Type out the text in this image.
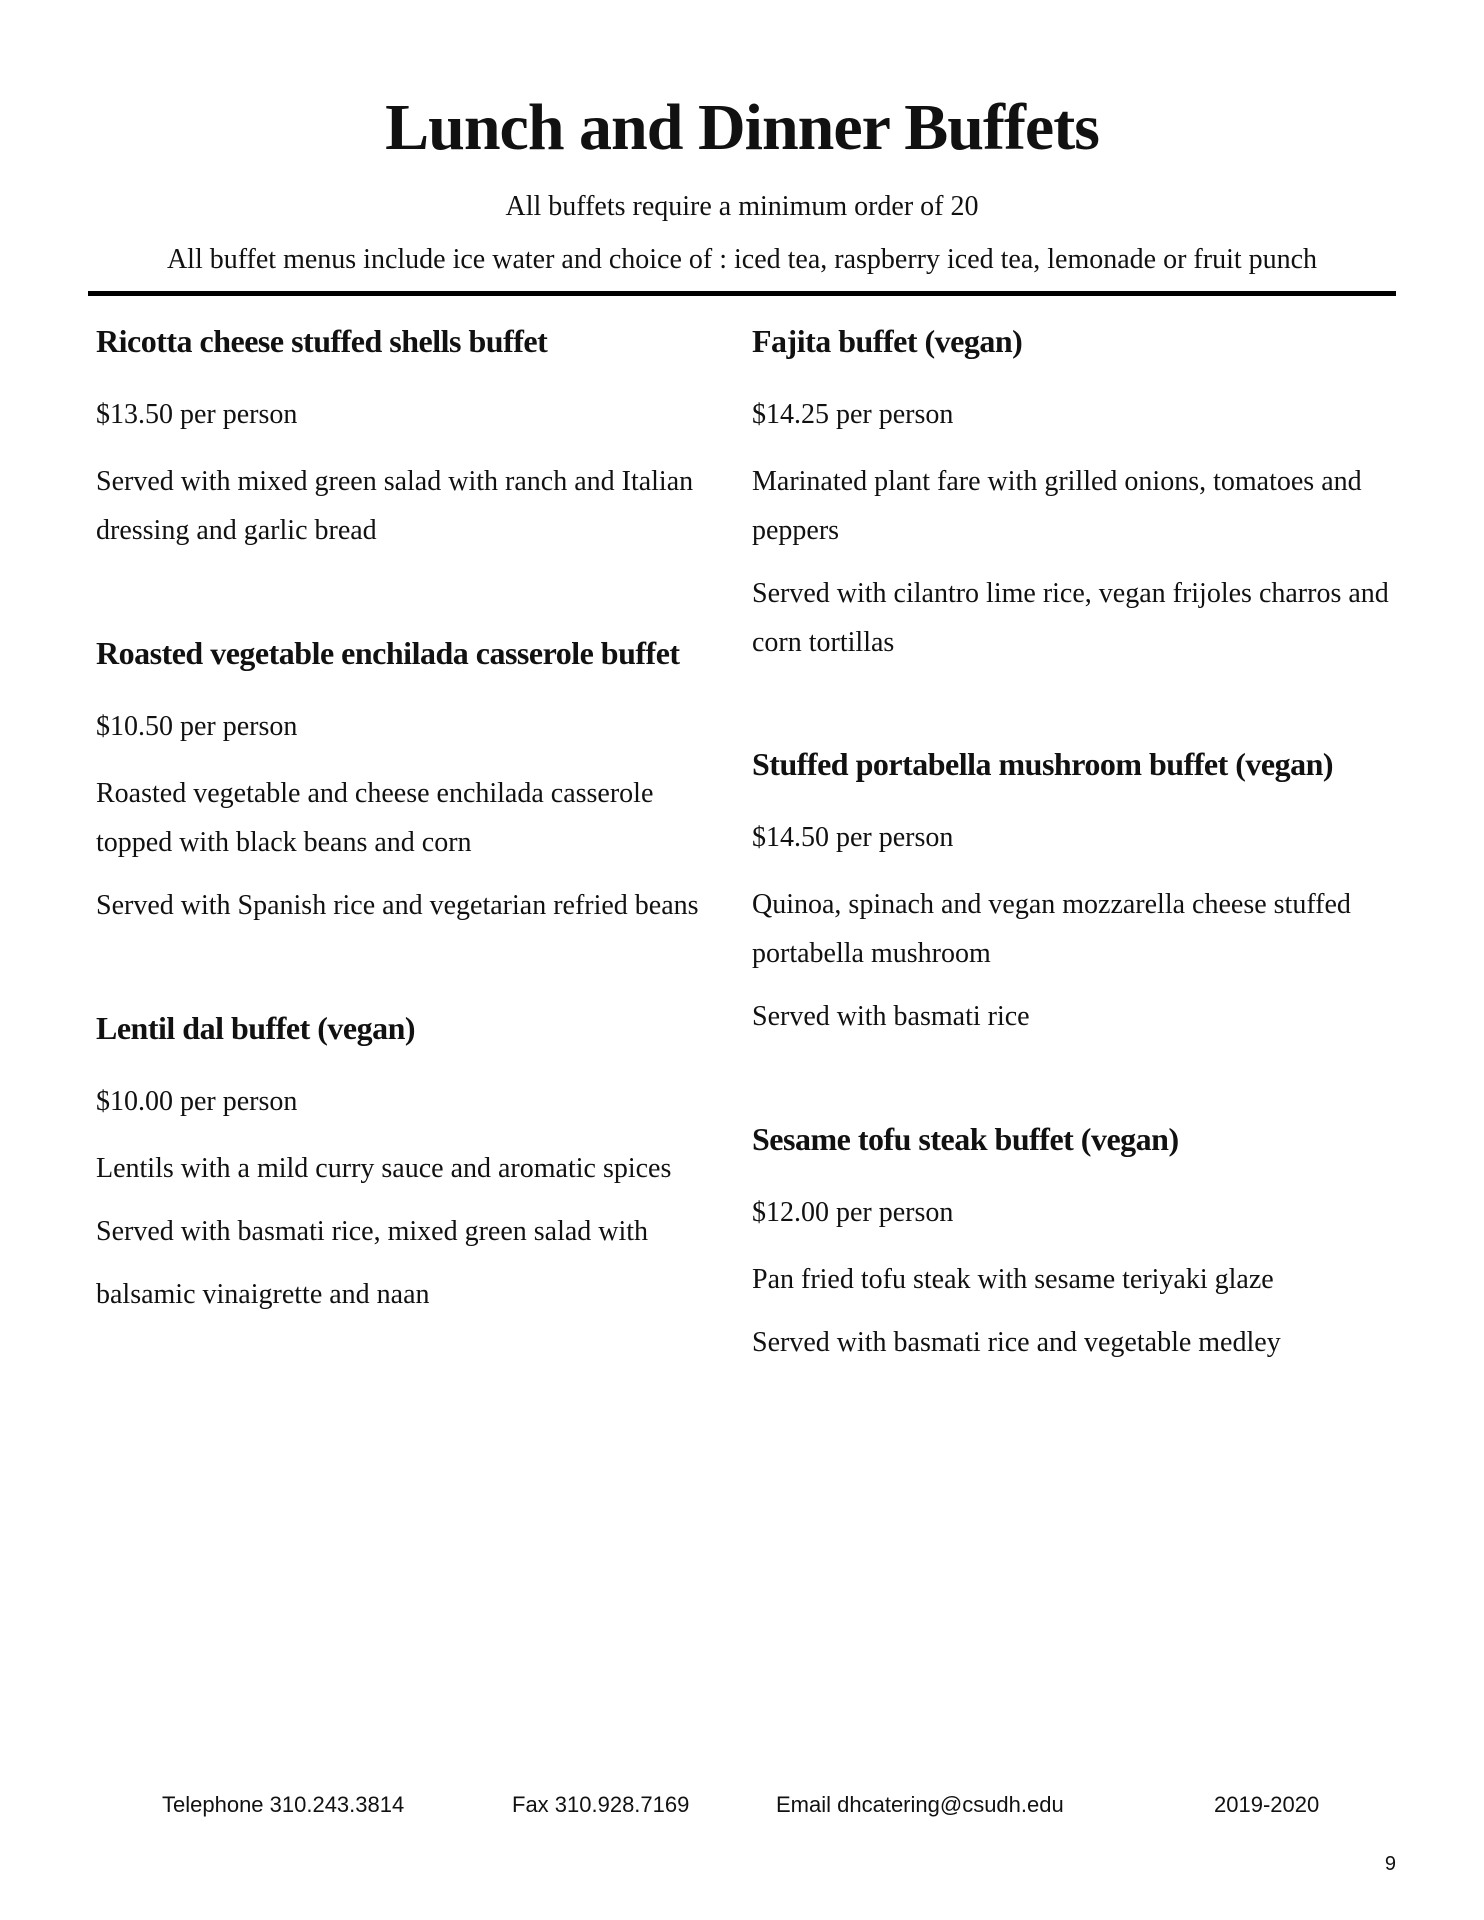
Lunch and Dinner Buffets

All buffets require a minimum order of 20

All buffet menus include ice water and choice of : iced tea, raspberry iced tea, lemonade or fruit punch

Ricotta cheese stuffed shells buffet

$13.50 per person

Served with mixed green salad with ranch and Italian dressing and garlic bread

Roasted vegetable enchilada casserole buffet

$10.50 per person

Roasted vegetable and cheese enchilada casserole topped with black beans and corn

Served with Spanish rice and vegetarian refried beans

Lentil dal buffet (vegan)

$10.00 per person

Lentils with a mild curry sauce and aromatic spices

Served with basmati rice, mixed green salad with

balsamic vinaigrette and naan

Fajita buffet (vegan)

$14.25 per person

Marinated plant fare with grilled onions, tomatoes and peppers

Served with cilantro lime rice, vegan frijoles charros and corn tortillas

Stuffed portabella mushroom buffet (vegan)

$14.50 per person

Quinoa, spinach and vegan mozzarella cheese stuffed portabella mushroom

Served with basmati rice

Sesame tofu steak buffet (vegan)

$12.00 per person

Pan fried tofu steak with sesame teriyaki glaze

Served with basmati rice and vegetable medley

Telephone 310.243.3814	Fax 310.928.7169	Email dhcatering@csudh.edu	2019-2020

9
